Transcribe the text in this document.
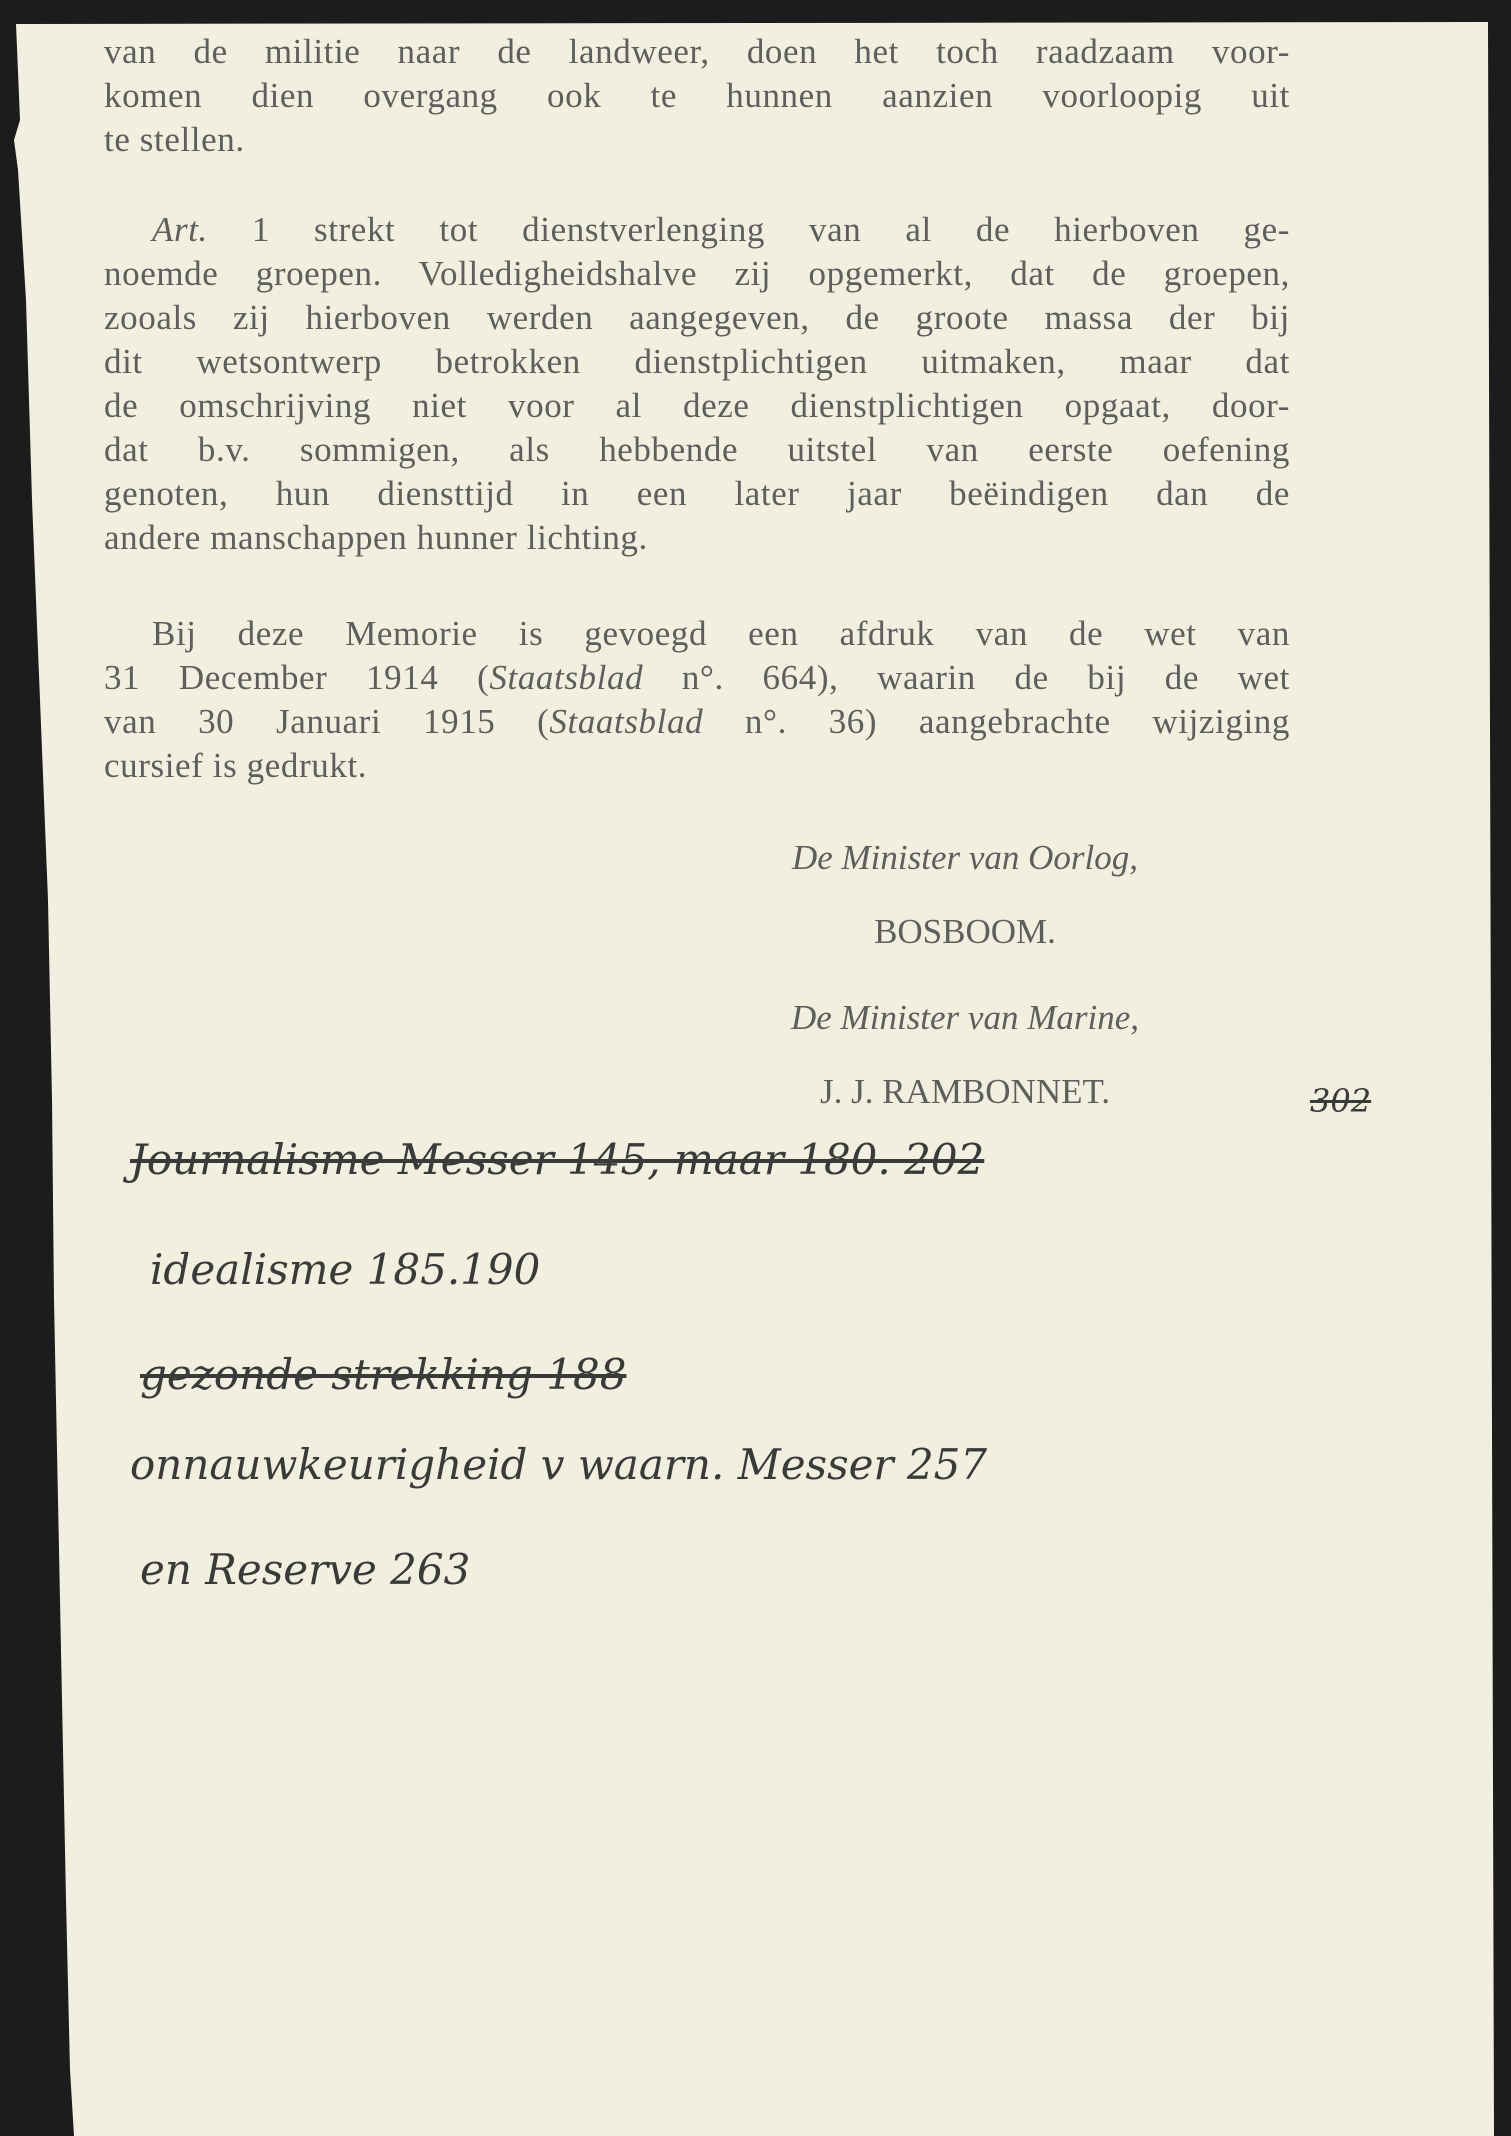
van de militie naar de landweer, doen het toch raadzaam voor-
komen dien overgang ook te hunnen aanzien voorloopig uit
te stellen.
Art. 1 strekt tot dienstverlenging van al de hierboven ge-
noemde groepen. Volledigheidshalve zij opgemerkt, dat de groepen,
zooals zij hierboven werden aangegeven, de groote massa der bij
dit wetsontwerp betrokken dienstplichtigen uitmaken, maar dat
de omschrijving niet voor al deze dienstplichtigen opgaat, door-
dat b.v. sommigen, als hebbende uitstel van eerste oefening
genoten, hun diensttijd in een later jaar beëindigen dan de
andere manschappen hunner lichting.
Bij deze Memorie is gevoegd een afdruk van de wet van
31 December 1914 (Staatsblad n°. 664), waarin de bij de wet
van 30 Januari 1915 (Staatsblad n°. 36) aangebrachte wijziging
cursief is gedrukt.
De Minister van Oorlog,
BOSBOOM.
De Minister van Marine,
J. J. RAMBONNET.	302
Journalisme Messer 145, maar 180. 202
idealisme 185.190
gezonde strekking 188
onnauwkeurigheid v waarn. Messer 257
en Reserve 263
